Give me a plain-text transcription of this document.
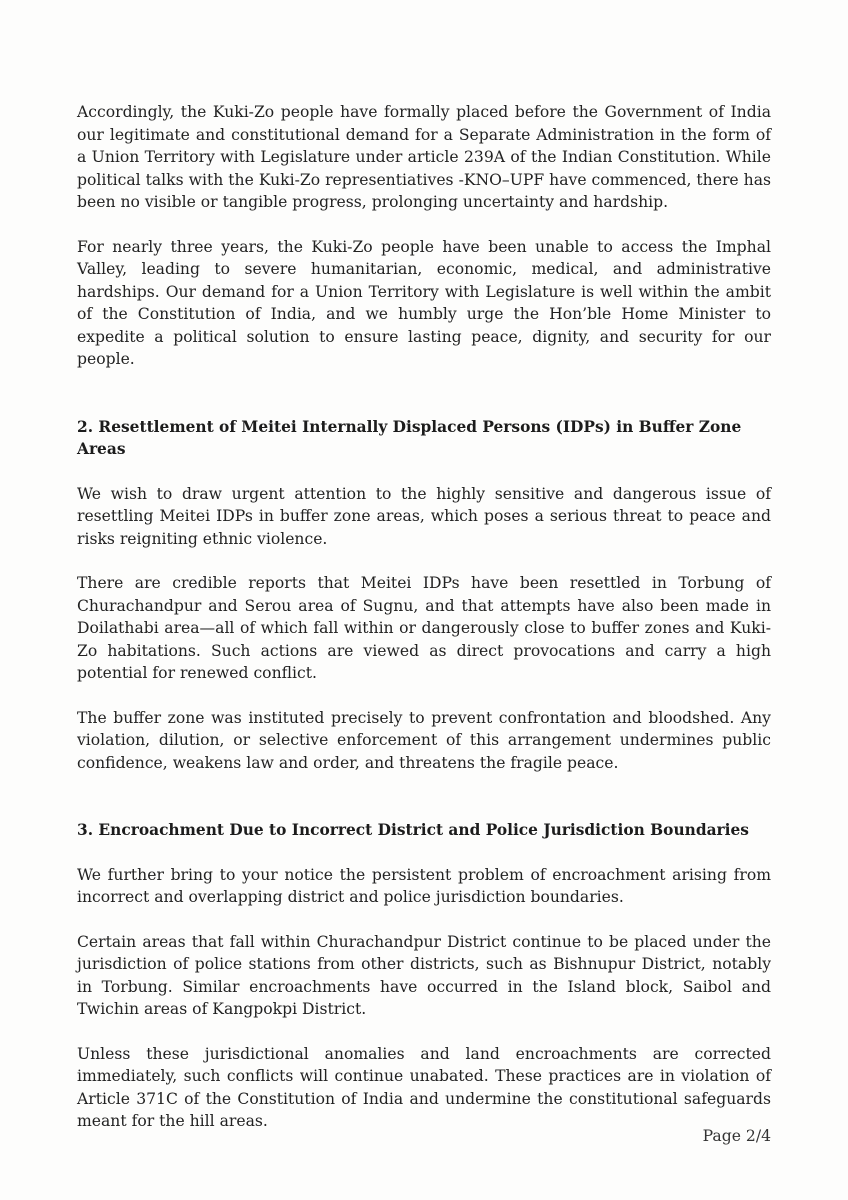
Accordingly, the Kuki-Zo people have formally placed before the Government of India our legitimate and constitutional demand for a Separate Administration in the form of a Union Territory with Legislature under article 239A of the Indian Constitution. While political talks with the Kuki-Zo representiatives -KNO–UPF have commenced, there has been no visible or tangible progress, prolonging uncertainty and hardship.

For nearly three years, the Kuki-Zo people have been unable to access the Imphal Valley, leading to severe humanitarian, economic, medical, and administrative hardships. Our demand for a Union Territory with Legislature is well within the ambit of the Constitution of India, and we humbly urge the Hon’ble Home Minister to expedite a political solution to ensure lasting peace, dignity, and security for our people.

2. Resettlement of Meitei Internally Displaced Persons (IDPs) in Buffer Zone Areas

We wish to draw urgent attention to the highly sensitive and dangerous issue of resettling Meitei IDPs in buffer zone areas, which poses a serious threat to peace and risks reigniting ethnic violence.

There are credible reports that Meitei IDPs have been resettled in Torbung of Churachandpur and Serou area of Sugnu, and that attempts have also been made in Doilathabi area—all of which fall within or dangerously close to buffer zones and Kuki-Zo habitations. Such actions are viewed as direct provocations and carry a high potential for renewed conflict.

The buffer zone was instituted precisely to prevent confrontation and bloodshed. Any violation, dilution, or selective enforcement of this arrangement undermines public confidence, weakens law and order, and threatens the fragile peace.

3. Encroachment Due to Incorrect District and Police Jurisdiction Boundaries

We further bring to your notice the persistent problem of encroachment arising from incorrect and overlapping district and police jurisdiction boundaries.

Certain areas that fall within Churachandpur District continue to be placed under the jurisdiction of police stations from other districts, such as Bishnupur District, notably in Torbung. Similar encroachments have occurred in the Island block, Saibol and Twichin areas of Kangpokpi District.

Unless these jurisdictional anomalies and land encroachments are corrected immediately, such conflicts will continue unabated. These practices are in violation of Article 371C of the Constitution of India and undermine the constitutional safeguards meant for the hill areas.

Page 2/4
